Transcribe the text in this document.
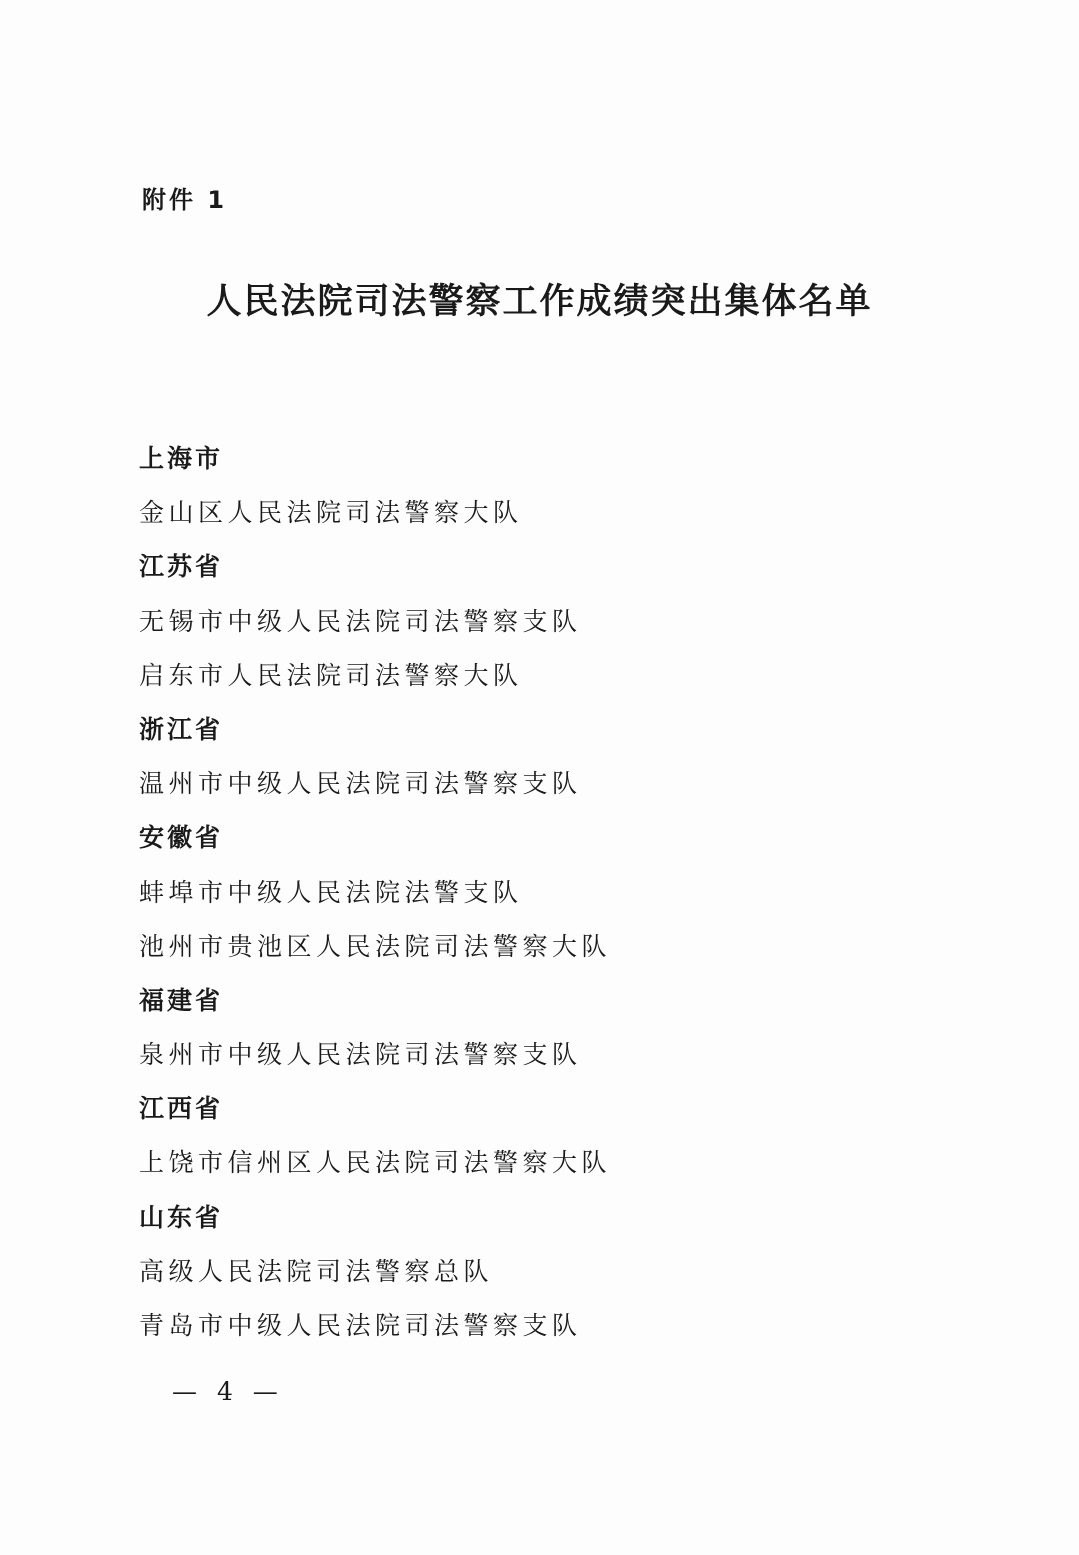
附件 1
人民法院司法警察工作成绩突出集体名单
上海市
金山区人民法院司法警察大队
江苏省
无锡市中级人民法院司法警察支队
启东市人民法院司法警察大队
浙江省
温州市中级人民法院司法警察支队
安徽省
蚌埠市中级人民法院法警支队
池州市贵池区人民法院司法警察大队
福建省
泉州市中级人民法院司法警察支队
江西省
上饶市信州区人民法院司法警察大队
山东省
高级人民法院司法警察总队
青岛市中级人民法院司法警察支队
— 4 —
